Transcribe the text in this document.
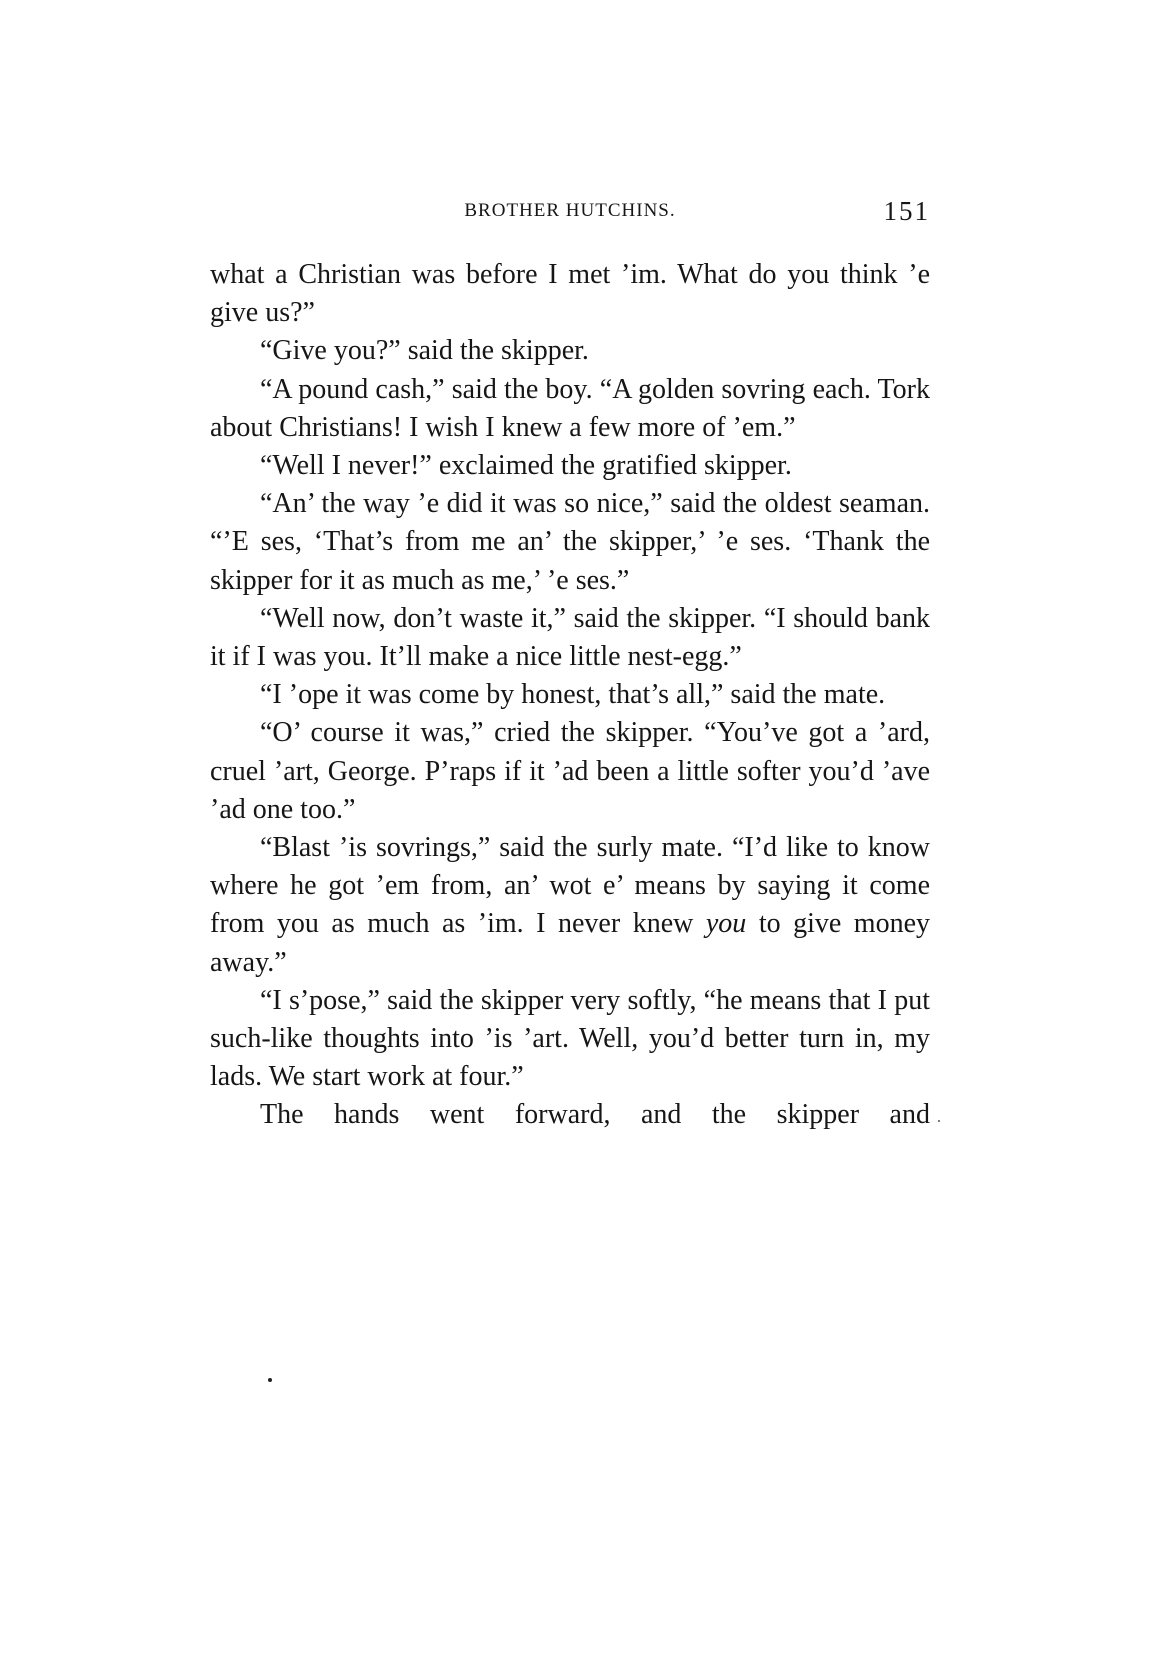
BROTHER HUTCHINS.	151

what a Christian was before I met ’im. What do you think ’e give us?”

“Give you?” said the skipper.

“A pound cash,” said the boy. “A golden sovring each. Tork about Christians! I wish I knew a few more of ’em.”

“Well I never!” exclaimed the gratified skipper.

“An’ the way ’e did it was so nice,” said the oldest seaman. “’E ses, ‘That’s from me an’ the skipper,’ ’e ses. ‘Thank the skipper for it as much as me,’ ’e ses.”

“Well now, don’t waste it,” said the skipper. “I should bank it if I was you. It’ll make a nice little nest-egg.”

“I ’ope it was come by honest, that’s all,” said the mate.

“O’ course it was,” cried the skipper. “You’ve got a ’ard, cruel ’art, George. P’raps if it ’ad been a little softer you’d ’ave ’ad one too.”

“Blast ’is sovrings,” said the surly mate. “I’d like to know where he got ’em from, an’ wot e’ means by saying it come from you as much as ’im. I never knew you to give money away.”

“I s’pose,” said the skipper very softly, “he means that I put such-like thoughts into ’is ’art. Well, you’d better turn in, my lads. We start work at four.”

The hands went forward, and the skipper and
